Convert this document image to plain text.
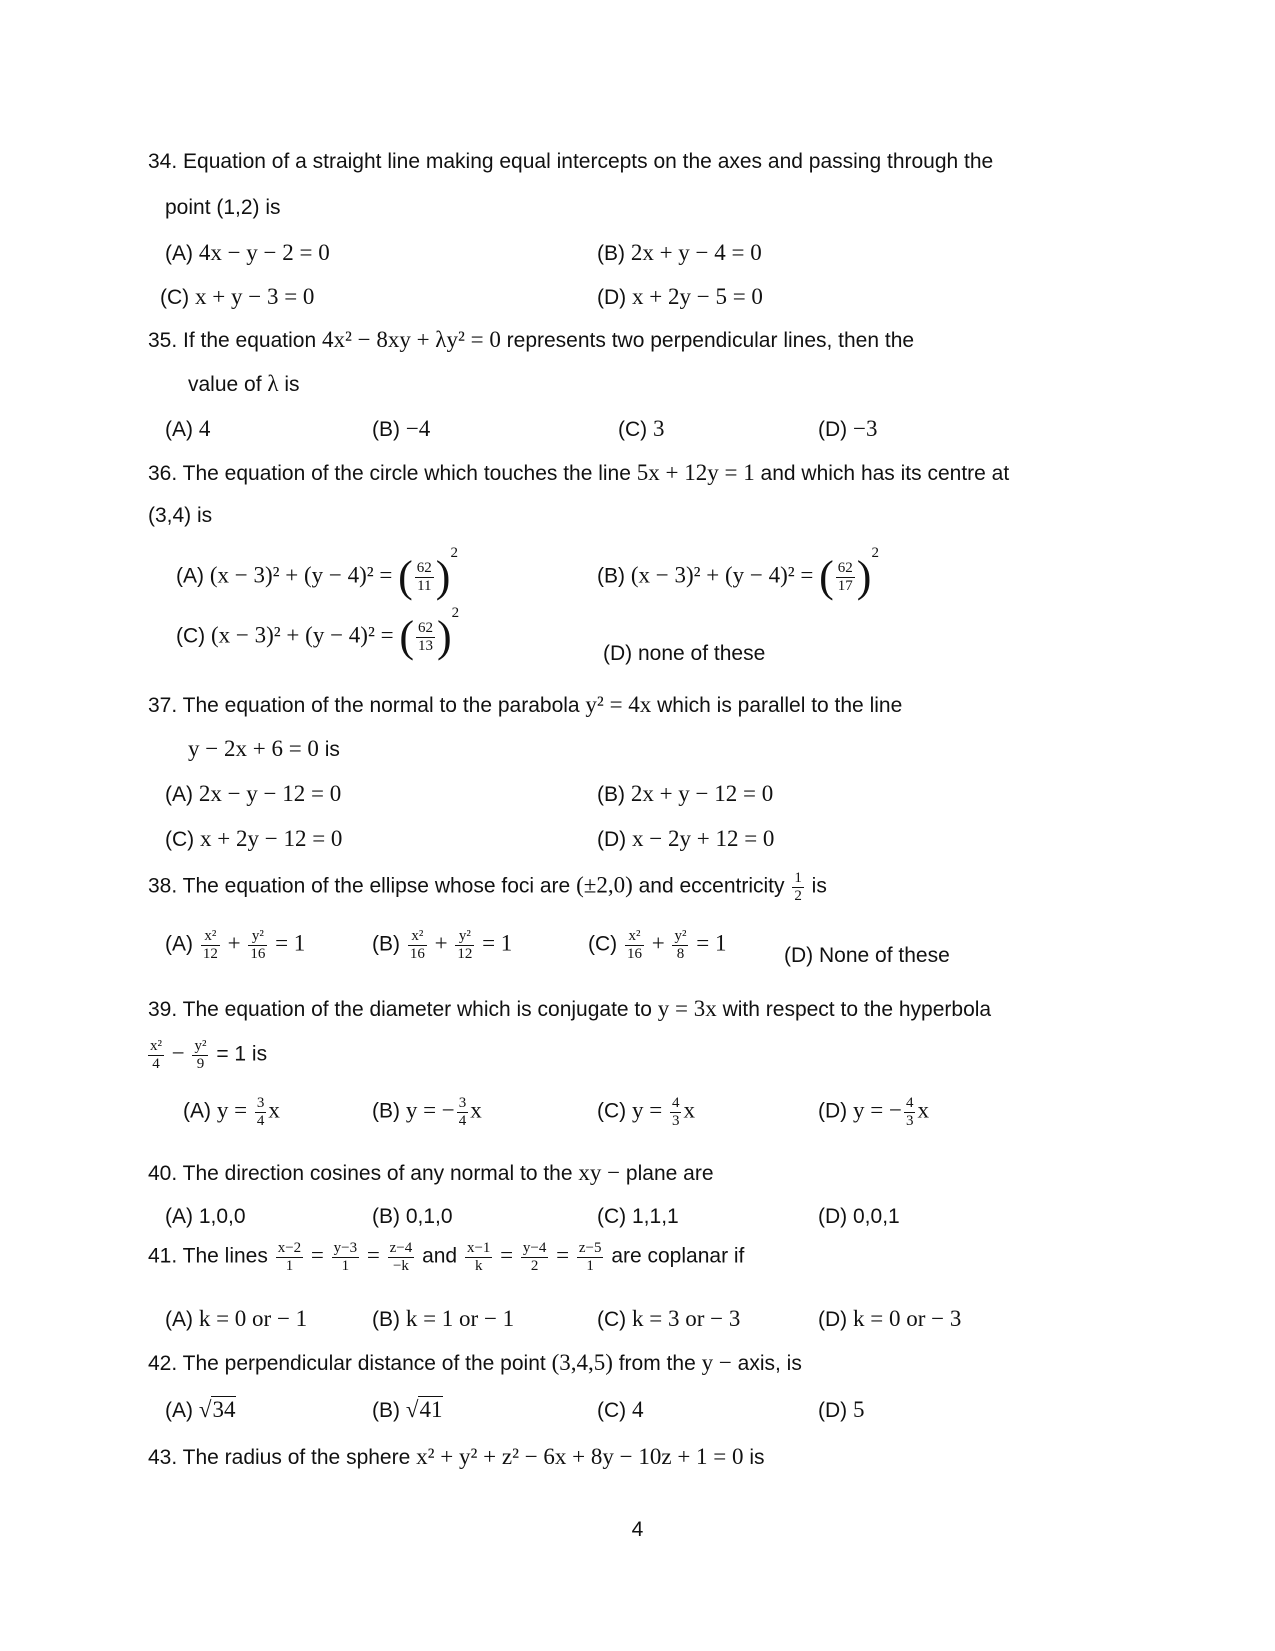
34. Equation of a straight line making equal intercepts on the axes and passing through the
point (1,2) is
(A) 4x − y − 2 = 0	(B) 2x + y − 4 = 0
(C) x + y − 3 = 0	(D) x + 2y − 5 = 0
35. If the equation 4x² − 8xy + λy² = 0 represents two perpendicular lines, then the
value of λ is
(A) 4	(B) −4	(C) 3	(D) −3
36. The equation of the circle which touches the line 5x + 12y = 1 and which has its centre at
(3,4) is
(A) (x − 3)² + (y − 4)² = ( $\frac{62}{11} )^2$
(B) (x − 3)² + (y − 4)² = ( $\frac{62}{17} )^2$
(C) (x − 3)² + (y − 4)² = ( $\frac{62}{13} )^2$
(D) none of these
37. The equation of the normal to the parabola y² = 4x which is parallel to the line
y − 2x + 6 = 0 is
(A) 2x − y − 12 = 0	(B) 2x + y − 12 = 0
(C) x + 2y − 12 = 0	(D) x − 2y + 12 = 0
38. The equation of the ellipse whose foci are (±2,0) and eccentricity $\frac{1}{2}$ is
$(A) \frac{\text{x²}}{12} + \frac{\text{y²}}{16} = 1$	$(B) \frac{\text{x²}}{16} + \frac{\text{y²}}{12} = 1$	$(C) \frac{\text{x²}}{16} + \frac{\text{y²}}{8} = 1$	(D) None of these
39. The equation of the diameter which is conjugate to y = 3x with respect to the hyperbola
$\frac{\text{x²}}{4} - \frac{\text{y²}}{9} = 1$ is
(A) $y = \frac{3}{4}$ x	(B) y = − $\frac{3}{4}$ x	(C) $y = \frac{4}{3}$ x	(D) y = − $\frac{4}{3}$ x
40. The direction cosines of any normal to the xy − plane are
(A) 1,0,0	(B) 0,1,0	(C) 1,1,1	(D) 0,0,1
41. The lines $\frac{x-2}{1} = \frac{y-3}{1} = \frac{z-4}{-k}$ and $\frac{x-1}{k} = \frac{y-4}{2} = \frac{z-5}{1}$ are coplanar if
(A) k = 0 or − 1	(B) k = 1 or − 1	(C) k = 3 or − 3	(D) k = 0 or − 3
42. The perpendicular distance of the point (3,4,5) from the y − axis, is
(A) √34	(B) √41	(C) 4	(D) 5
43. The radius of the sphere x² + y² + z² − 6x + 8y − 10z + 1 = 0 is
4
